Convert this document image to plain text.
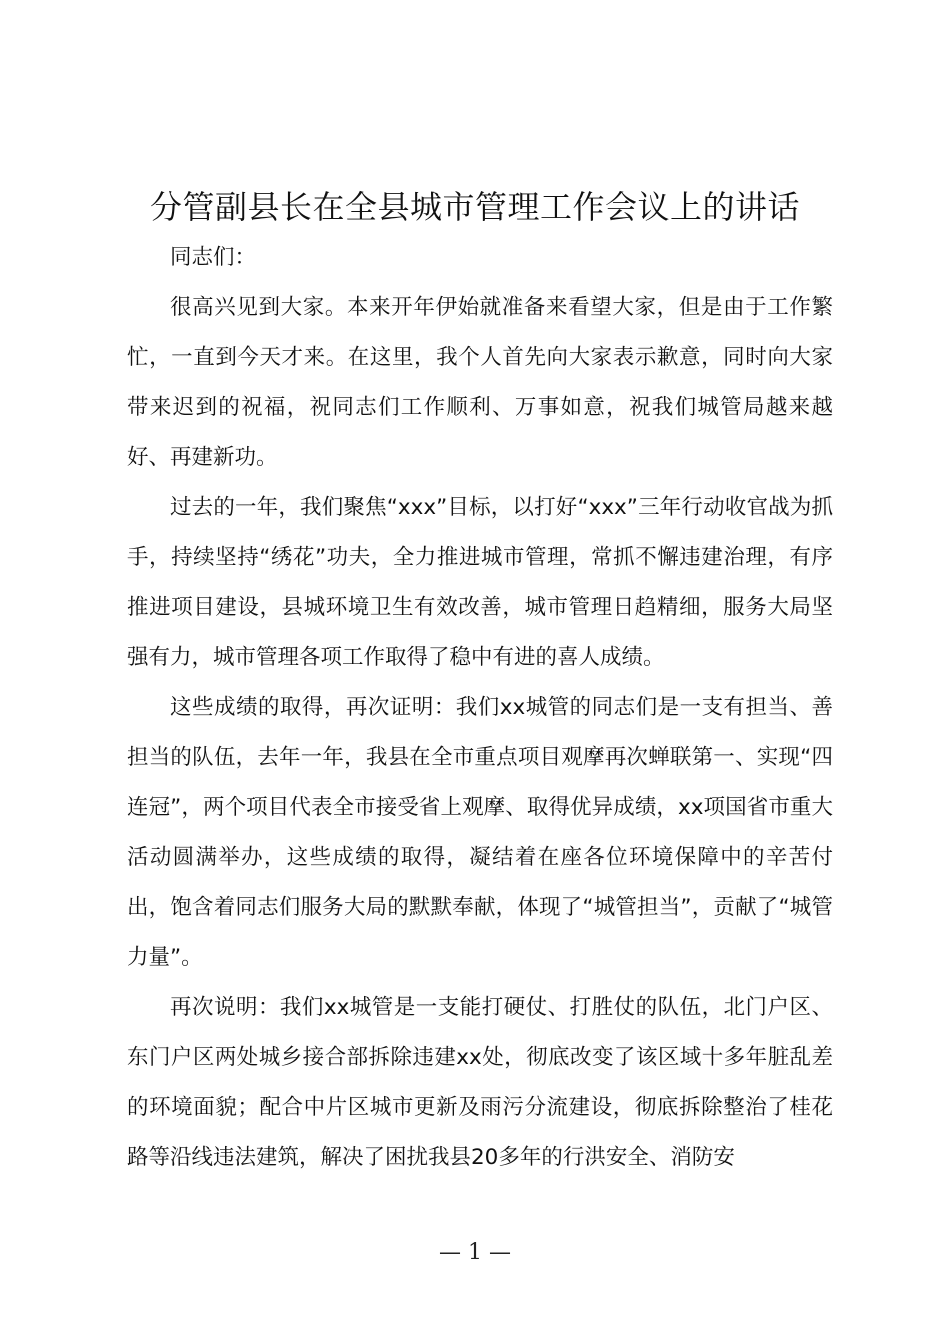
分管副县长在全县城市管理工作会议上的讲话

同志们：

很高兴见到大家。本来开年伊始就准备来看望大家，但是由于工作繁忙，一直到今天才来。在这里，我个人首先向大家表示歉意，同时向大家带来迟到的祝福，祝同志们工作顺利、万事如意，祝我们城管局越来越好、再建新功。

过去的一年，我们聚焦“xxx”目标，以打好“xxx”三年行动收官战为抓手，持续坚持“绣花”功夫，全力推进城市管理，常抓不懈违建治理，有序推进项目建设，县城环境卫生有效改善，城市管理日趋精细，服务大局坚强有力，城市管理各项工作取得了稳中有进的喜人成绩。

这些成绩的取得，再次证明：我们xx城管的同志们是一支有担当、善担当的队伍，去年一年，我县在全市重点项目观摩再次蝉联第一、实现“四连冠”，两个项目代表全市接受省上观摩、取得优异成绩，xx项国省市重大活动圆满举办，这些成绩的取得，凝结着在座各位环境保障中的辛苦付出，饱含着同志们服务大局的默默奉献，体现了“城管担当”，贡献了“城管力量”。

再次说明：我们xx城管是一支能打硬仗、打胜仗的队伍，北门户区、东门户区两处城乡接合部拆除违建xx处，彻底改变了该区域十多年脏乱差的环境面貌；配合中片区城市更新及雨污分流建设，彻底拆除整治了桂花路等沿线违法建筑，解决了困扰我县20多年的行洪安全、消防安

— 1 —
